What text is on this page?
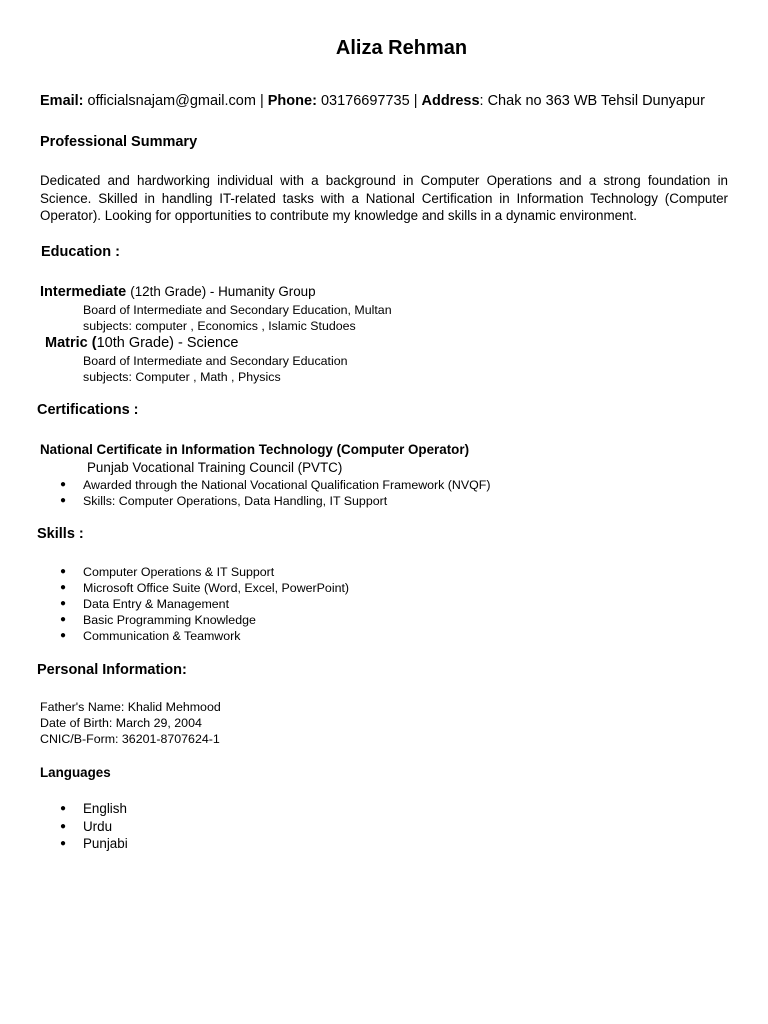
Aliza Rehman
Email: officialsnajam@gmail.com | Phone: 03176697735 | Address: Chak no 363 WB Tehsil Dunyapur
Professional Summary
Dedicated and hardworking individual with a background in Computer Operations and a strong foundation in Science. Skilled in handling IT-related tasks with a National Certification in Information Technology (Computer Operator). Looking for opportunities to contribute my knowledge and skills in a dynamic environment.
Education :
Intermediate (12th Grade) - Humanity Group
Board of Intermediate and Secondary Education, Multan
subjects: computer , Economics , Islamic Studoes
Matric (10th Grade) - Science
Board of Intermediate and Secondary Education
subjects: Computer , Math , Physics
Certifications :
National Certificate in Information Technology (Computer Operator)
Punjab Vocational Training Council (PVTC)
● Awarded through the National Vocational Qualification Framework (NVQF)
● Skills: Computer Operations, Data Handling, IT Support
Skills :
● Computer Operations & IT Support
● Microsoft Office Suite (Word, Excel, PowerPoint)
● Data Entry & Management
● Basic Programming Knowledge
● Communication & Teamwork
Personal Information:
Father's Name: Khalid Mehmood
Date of Birth: March 29, 2004
CNIC/B-Form: 36201-8707624-1
Languages
● English
● Urdu
● Punjabi
